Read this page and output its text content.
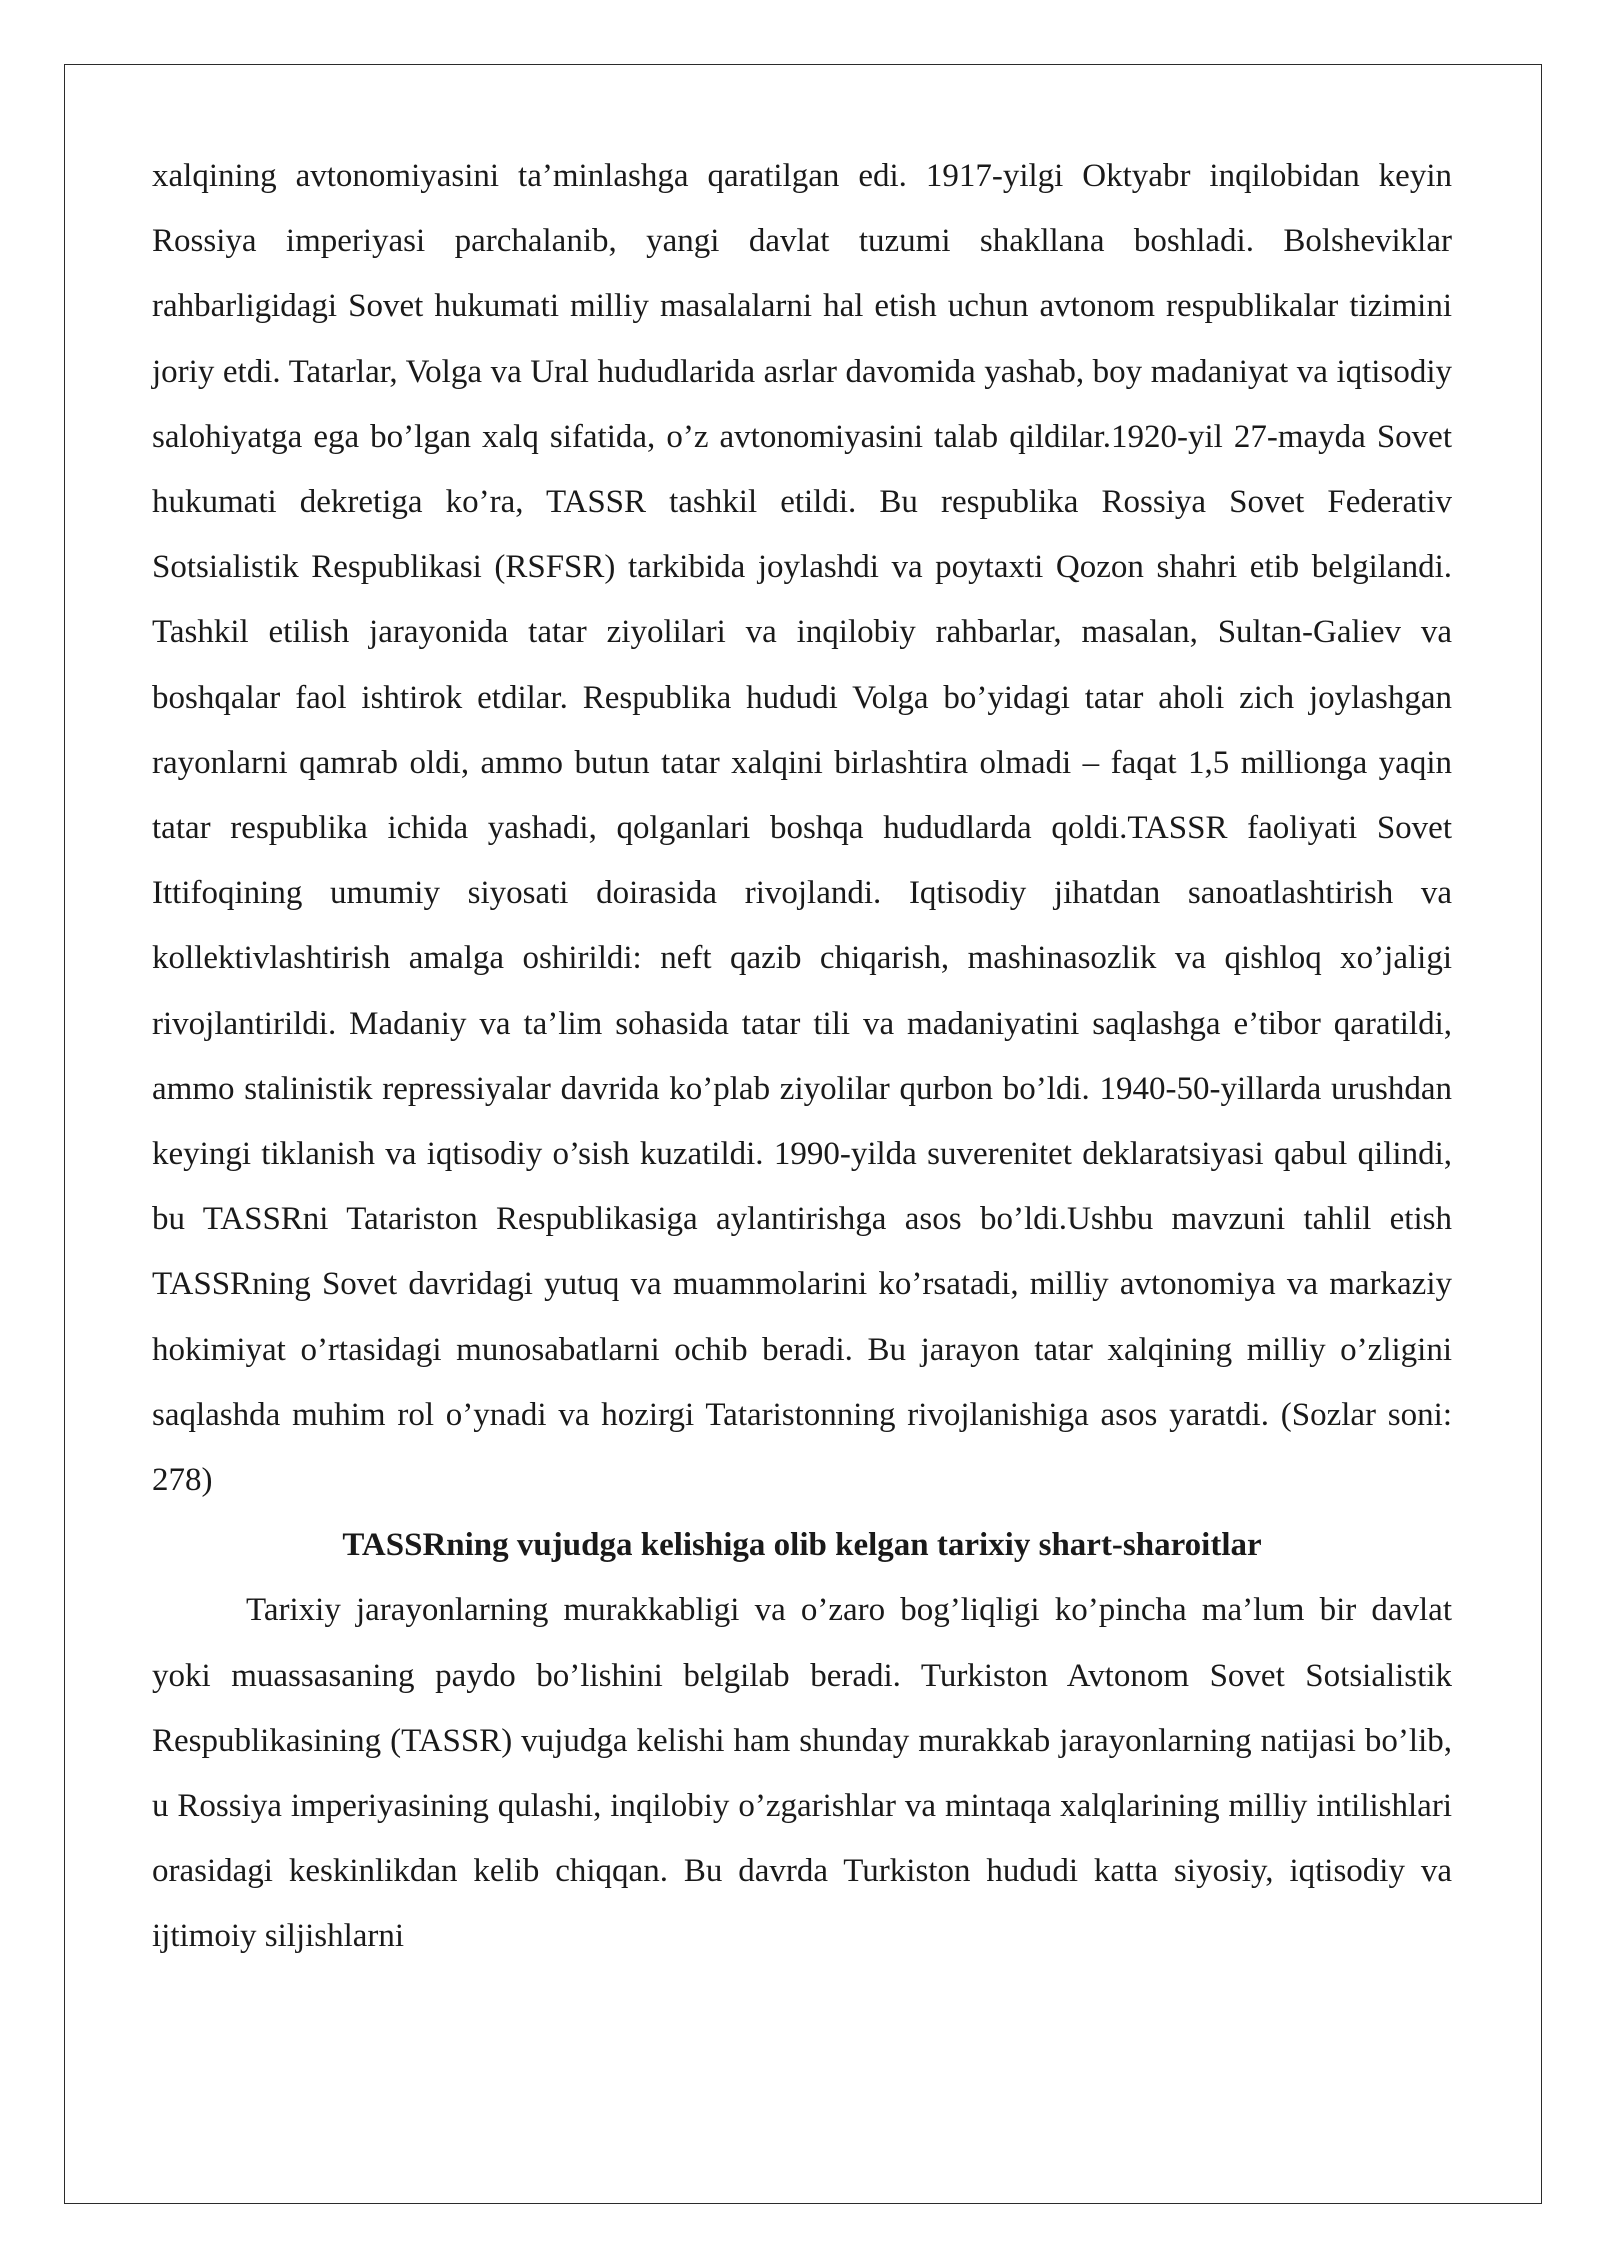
xalqining avtonomiyasini ta’minlashga qaratilgan edi. 1917-yilgi Oktyabr inqilobidan keyin Rossiya imperiyasi parchalanib, yangi davlat tuzumi shakllana boshladi. Bolsheviklar rahbarligidagi Sovet hukumati milliy masalalarni hal etish uchun avtonom respublikalar tizimini joriy etdi. Tatarlar, Volga va Ural hududlarida asrlar davomida yashab, boy madaniyat va iqtisodiy salohiyatga ega bo’lgan xalq sifatida, o’z avtonomiyasini talab qildilar.1920-yil 27-mayda Sovet hukumati dekretiga ko’ra, TASSR tashkil etildi. Bu respublika Rossiya Sovet Federativ Sotsialistik Respublikasi (RSFSR) tarkibida joylashdi va poytaxti Qozon shahri etib belgilandi. Tashkil etilish jarayonida tatar ziyolilari va inqilobiy rahbarlar, masalan, Sultan-Galiev va boshqalar faol ishtirok etdilar. Respublika hududi Volga bo’yidagi tatar aholi zich joylashgan rayonlarni qamrab oldi, ammo butun tatar xalqini birlashtira olmadi – faqat 1,5 millionga yaqin tatar respublika ichida yashadi, qolganlari boshqa hududlarda qoldi.TASSR faoliyati Sovet Ittifoqining umumiy siyosati doirasida rivojlandi. Iqtisodiy jihatdan sanoatlashtirish va kollektivlashtirish amalga oshirildi: neft qazib chiqarish, mashinasozlik va qishloq xo’jaligi rivojlantirildi. Madaniy va ta’lim sohasida tatar tili va madaniyatini saqlashga e’tibor qaratildi, ammo stalinistik repressiyalar davrida ko’plab ziyolilar qurbon bo’ldi. 1940-50-yillarda urushdan keyingi tiklanish va iqtisodiy o’sish kuzatildi. 1990-yilda suverenitet deklaratsiyasi qabul qilindi, bu TASSRni Tatariston Respublikasiga aylantirishga asos bo’ldi.Ushbu mavzuni tahlil etish TASSRning Sovet davridagi yutuq va muammolarini ko’rsatadi, milliy avtonomiya va markaziy hokimiyat o’rtasidagi munosabatlarni ochib beradi. Bu jarayon tatar xalqining milliy o’zligini saqlashda muhim rol o’ynadi va hozirgi Tataristonning rivojlanishiga asos yaratdi. (Sozlar soni: 278)

TASSRning vujudga kelishiga olib kelgan tarixiy shart-sharoitlar

Tarixiy jarayonlarning murakkabligi va o’zaro bog’liqligi ko’pincha ma’lum bir davlat yoki muassasaning paydo bo’lishini belgilab beradi. Turkiston Avtonom Sovet Sotsialistik Respublikasining (TASSR) vujudga kelishi ham shunday murakkab jarayonlarning natijasi bo’lib, u Rossiya imperiyasining qulashi, inqilobiy o’zgarishlar va mintaqa xalqlarining milliy intilishlari orasidagi keskinlikdan kelib chiqqan. Bu davrda Turkiston hududi katta siyosiy, iqtisodiy va ijtimoiy siljishlarni
